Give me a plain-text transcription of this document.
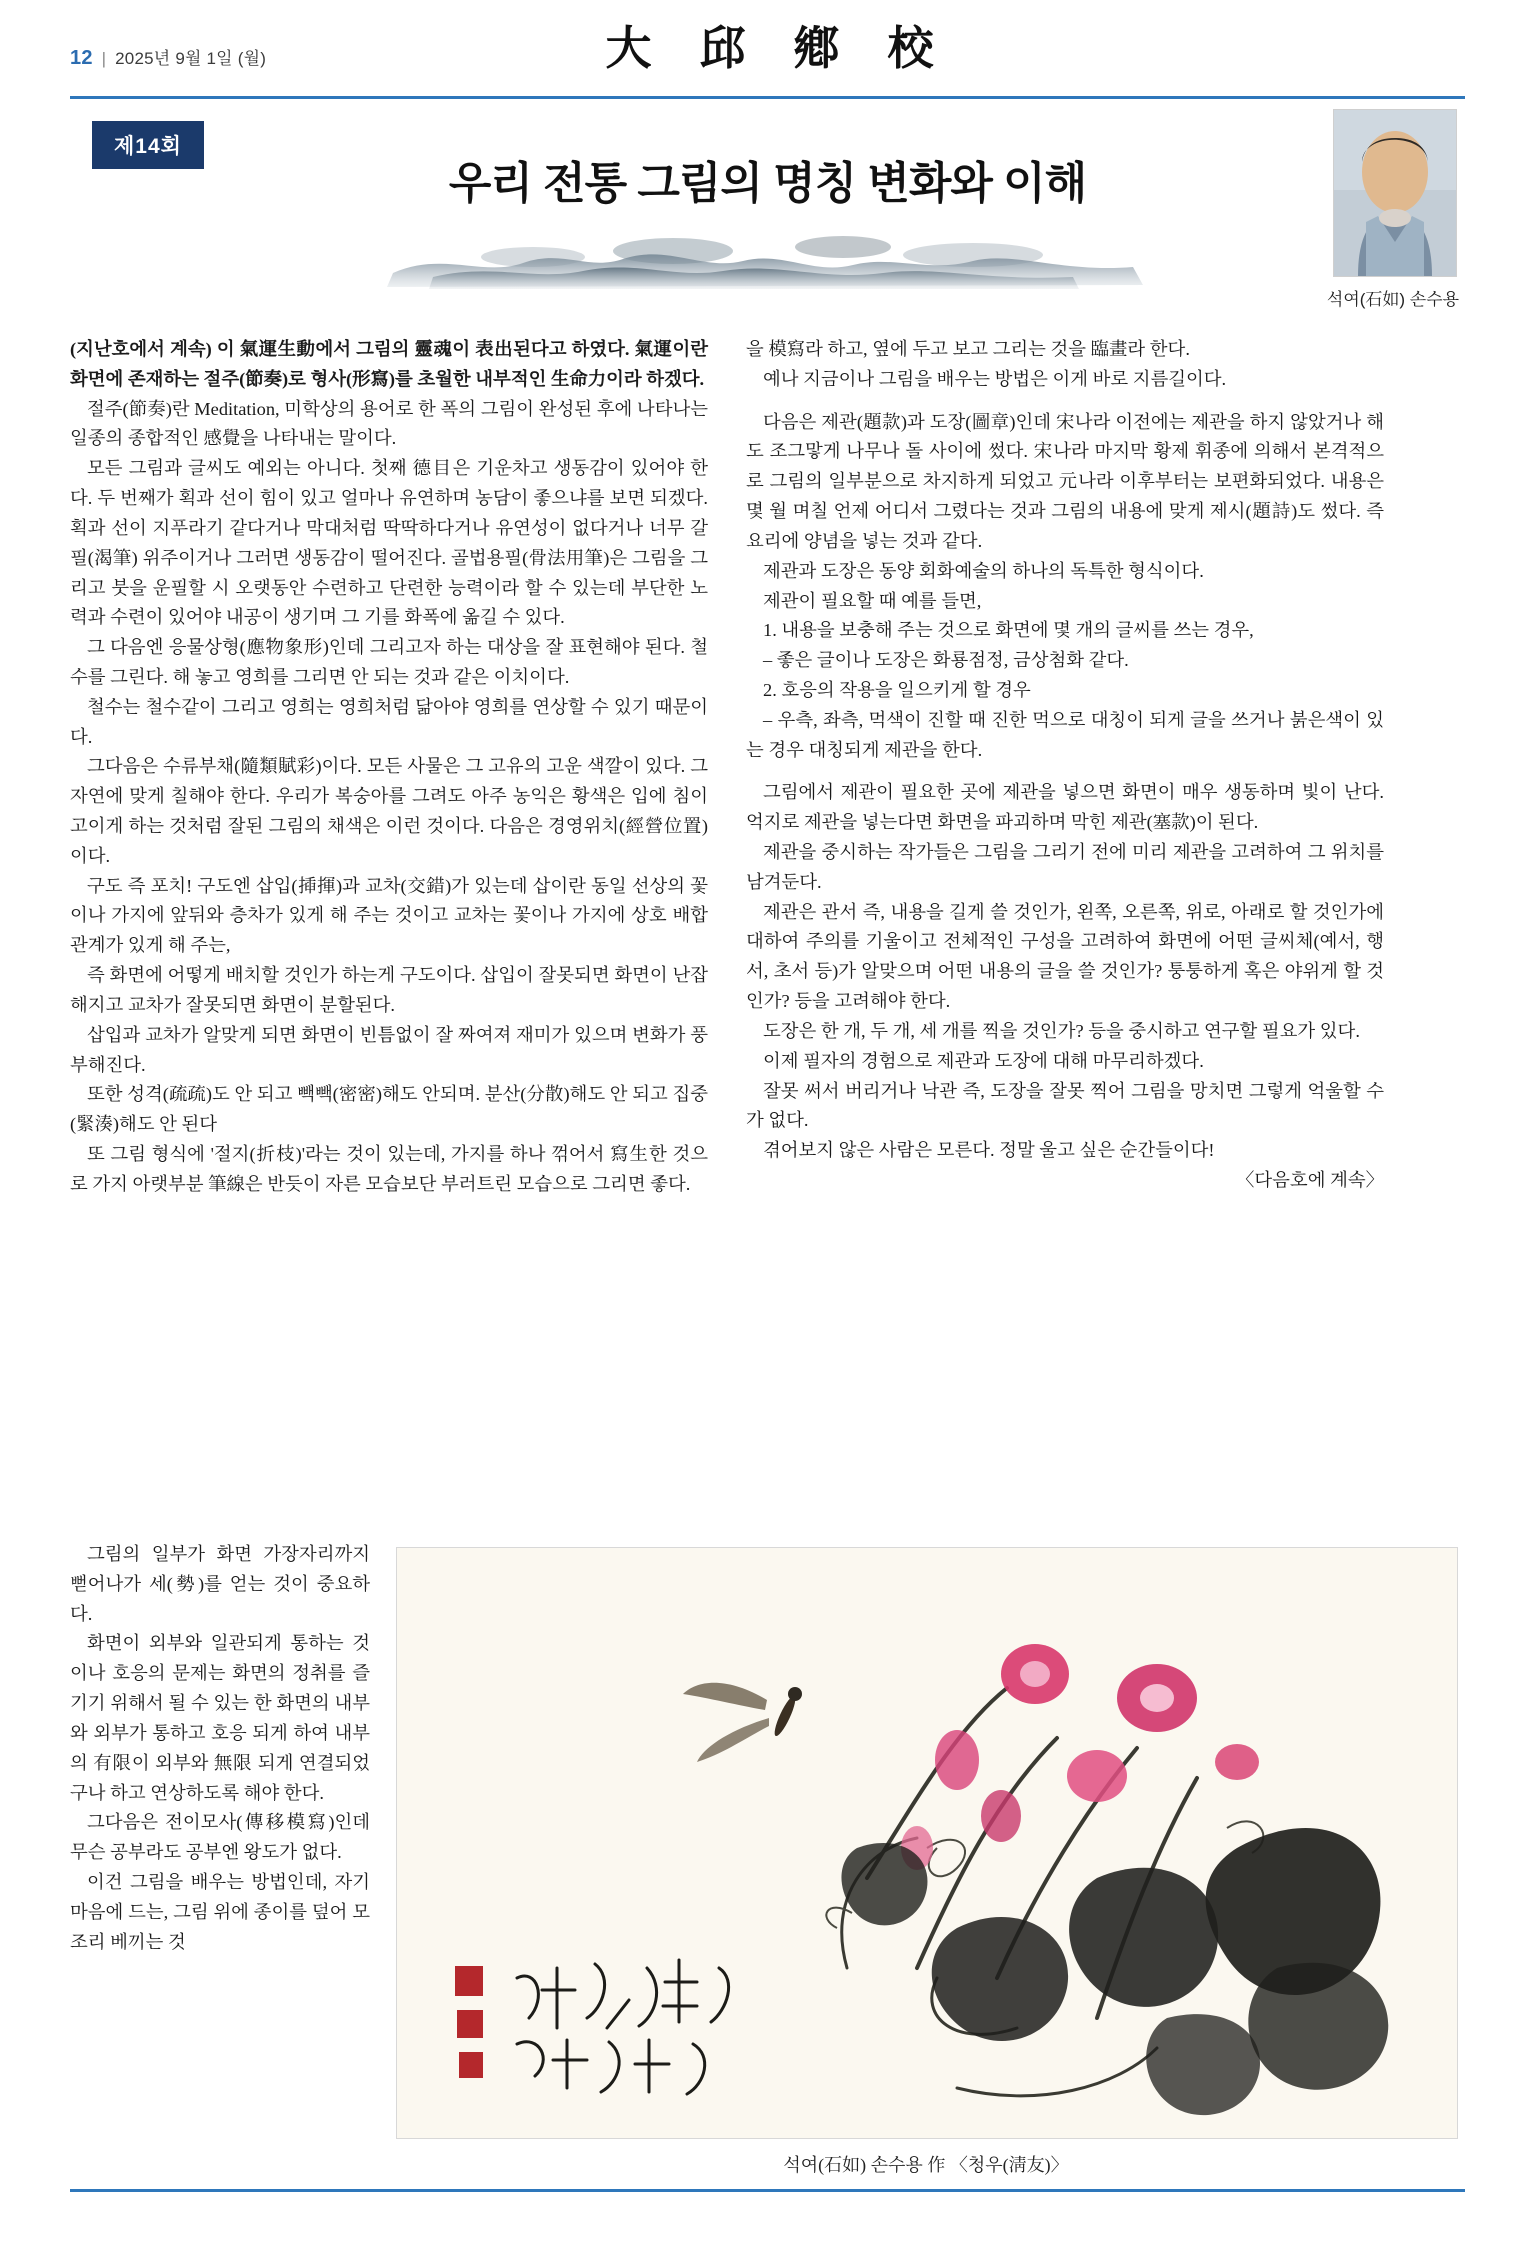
12 | 2025년 9월 1일 (월)	大 邱 鄕 校
제14회
우리 전통 그림의 명칭 변화와 이해
석여(石如) 손수용

(지난호에서 계속) 이 氣運生動에서 그림의 靈魂이 表出된다고 하였다. 氣運이란 화면에 존재하는 절주(節奏)로 형사(形寫)를 초월한 내부적인 生命力이라 하겠다.

절주(節奏)란 Meditation, 미학상의 용어로 한 폭의 그림이 완성된 후에 나타나는 일종의 종합적인 感覺을 나타내는 말이다.

모든 그림과 글씨도 예외는 아니다. 첫째 德目은 기운차고 생동감이 있어야 한다. 두 번째가 획과 선이 힘이 있고 얼마나 유연하며 농담이 좋으냐를 보면 되겠다. 획과 선이 지푸라기 같다거나 막대처럼 딱딱하다거나 유연성이 없다거나 너무 갈필(渴筆) 위주이거나 그러면 생동감이 떨어진다. 골법용필(骨法用筆)은 그림을 그리고 붓을 운필할 시 오랫동안 수련하고 단련한 능력이라 할 수 있는데 부단한 노력과 수련이 있어야 내공이 생기며 그 기를 화폭에 옮길 수 있다.

그 다음엔 응물상형(應物象形)인데 그리고자 하는 대상을 잘 표현해야 된다. 철수를 그린다. 해 놓고 영희를 그리면 안 되는 것과 같은 이치이다.

철수는 철수같이 그리고 영희는 영희처럼 닮아야 영희를 연상할 수 있기 때문이다.

그다음은 수류부채(隨類賦彩)이다. 모든 사물은 그 고유의 고운 색깔이 있다. 그 자연에 맞게 칠해야 한다. 우리가 복숭아를 그려도 아주 농익은 황색은 입에 침이 고이게 하는 것처럼 잘된 그림의 채색은 이런 것이다. 다음은 경영위치(經營位置)이다.

구도 즉 포치! 구도엔 삽입(揷揮)과 교차(交錯)가 있는데 삽이란 동일 선상의 꽃이나 가지에 앞뒤와 층차가 있게 해 주는 것이고 교차는 꽃이나 가지에 상호 배합 관계가 있게 해 주는,

즉 화면에 어떻게 배치할 것인가 하는게 구도이다. 삽입이 잘못되면 화면이 난잡해지고 교차가 잘못되면 화면이 분할된다.

삽입과 교차가 알맞게 되면 화면이 빈틈없이 잘 짜여져 재미가 있으며 변화가 풍부해진다.

또한 성격(疏疏)도 안 되고 빽빽(密密)해도 안되며. 분산(分散)해도 안 되고 집중(緊湊)해도 안 된다

또 그림 형식에 '절지(折枝)'라는 것이 있는데, 가지를 하나 꺾어서 寫生한 것으로 가지 아랫부분 筆線은 반듯이 자른 모습보단 부러트린 모습으로 그리면 좋다.

을 模寫라 하고, 옆에 두고 보고 그리는 것을 臨畫라 한다.

예나 지금이나 그림을 배우는 방법은 이게 바로 지름길이다.

다음은 제관(題款)과 도장(圖章)인데 宋나라 이전에는 제관을 하지 않았거나 해도 조그맣게 나무나 돌 사이에 썼다. 宋나라 마지막 황제 휘종에 의해서 본격적으로 그림의 일부분으로 차지하게 되었고 元나라 이후부터는 보편화되었다. 내용은 몇 월 며칠 언제 어디서 그렸다는 것과 그림의 내용에 맞게 제시(題詩)도 썼다. 즉 요리에 양념을 넣는 것과 같다.

제관과 도장은 동양 회화예술의 하나의 독특한 형식이다.

제관이 필요할 때 예를 들면,

1. 내용을 보충해 주는 것으로 화면에 몇 개의 글씨를 쓰는 경우,

– 좋은 글이나 도장은 화룡점정, 금상첨화 같다.

2. 호응의 작용을 일으키게 할 경우

– 우측, 좌측, 먹색이 진할 때 진한 먹으로 대칭이 되게 글을 쓰거나 붉은색이 있는 경우 대칭되게 제관을 한다.

그림에서 제관이 필요한 곳에 제관을 넣으면 화면이 매우 생동하며 빛이 난다. 억지로 제관을 넣는다면 화면을 파괴하며 막힌 제관(塞款)이 된다.

제관을 중시하는 작가들은 그림을 그리기 전에 미리 제관을 고려하여 그 위치를 남겨둔다.

제관은 관서 즉, 내용을 길게 쓸 것인가, 왼쪽, 오른쪽, 위로, 아래로 할 것인가에 대하여 주의를 기울이고 전체적인 구성을 고려하여 화면에 어떤 글씨체(예서, 행서, 초서 등)가 알맞으며 어떤 내용의 글을 쓸 것인가? 퉁퉁하게 혹은 야위게 할 것인가? 등을 고려해야 한다.

도장은 한 개, 두 개, 세 개를 찍을 것인가? 등을 중시하고 연구할 필요가 있다.

이제 필자의 경험으로 제관과 도장에 대해 마무리하겠다.

잘못 써서 버리거나 낙관 즉, 도장을 잘못 찍어 그림을 망치면 그렇게 억울할 수가 없다.

겪어보지 않은 사람은 모른다. 정말 울고 싶은 순간들이다!

〈다음호에 계속〉

그림의 일부가 화면 가장자리까지 뻗어나가 세(勢)를 얻는 것이 중요하다.

화면이 외부와 일관되게 통하는 것이나 호응의 문제는 화면의 정취를 즐기기 위해서 될 수 있는 한 화면의 내부와 외부가 통하고 호응 되게 하여 내부의 有限이 외부와 無限 되게 연결되었구나 하고 연상하도록 해야 한다.

그다음은 전이모사(傳移模寫)인데 무슨 공부라도 공부엔 왕도가 없다.

이건 그림을 배우는 방법인데, 자기 마음에 드는, 그림 위에 종이를 덮어 모조리 베끼는 것

석여(石如) 손수용 作 〈청우(淸友)〉
